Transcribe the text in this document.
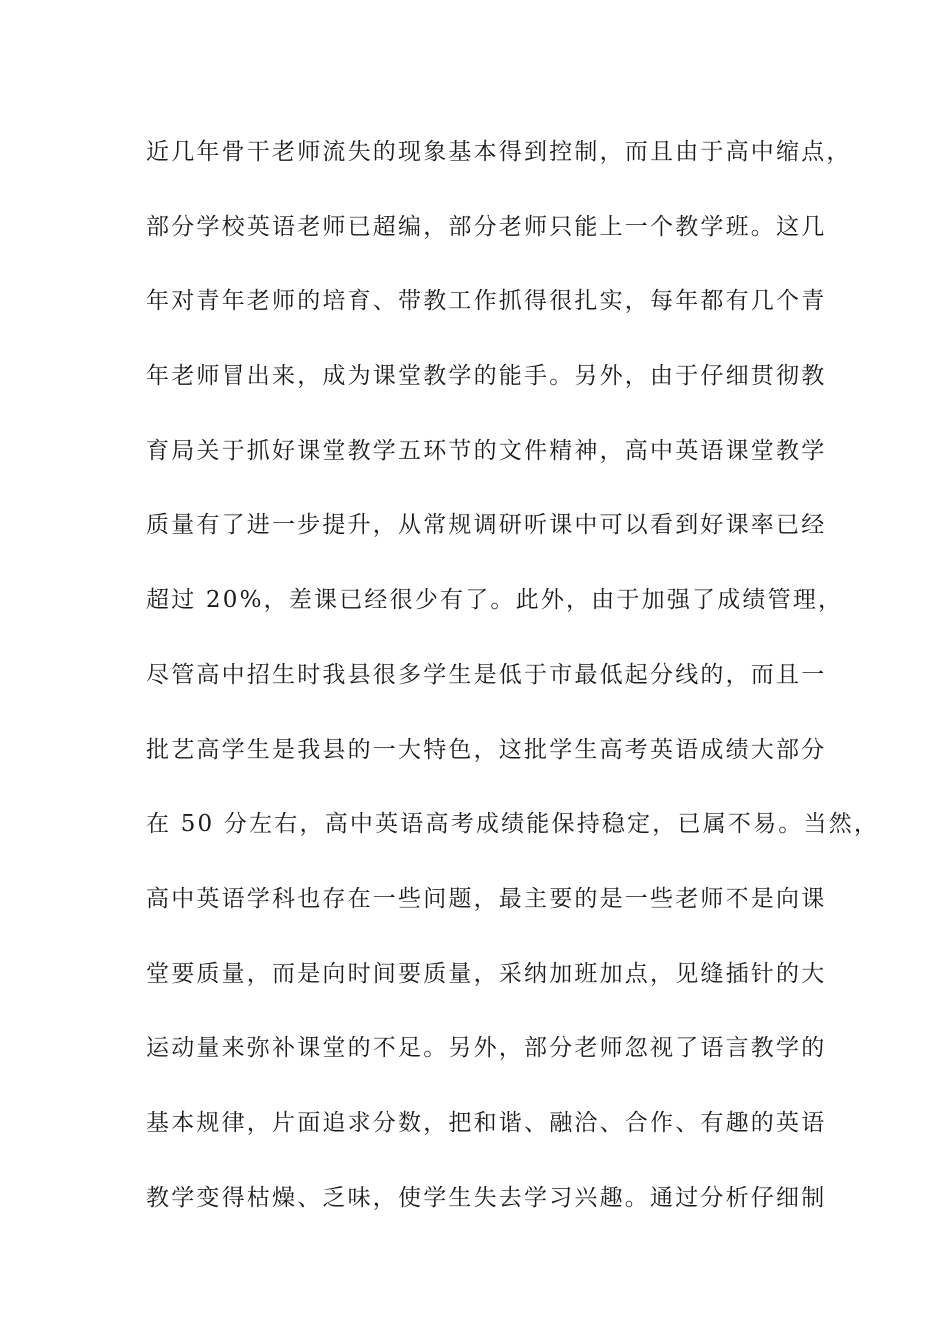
近几年骨干老师流失的现象基本得到控制，而且由于高中缩点，
部分学校英语老师已超编，部分老师只能上一个教学班。这几
年对青年老师的培育、带教工作抓得很扎实，每年都有几个青
年老师冒出来，成为课堂教学的能手。另外，由于仔细贯彻教
育局关于抓好课堂教学五环节的文件精神，高中英语课堂教学
质量有了进一步提升，从常规调研听课中可以看到好课率已经
超过 20%，差课已经很少有了。此外，由于加强了成绩管理，
尽管高中招生时我县很多学生是低于市最低起分线的，而且一
批艺高学生是我县的一大特色，这批学生高考英语成绩大部分
在 50 分左右，高中英语高考成绩能保持稳定，已属不易。当然，
高中英语学科也存在一些问题，最主要的是一些老师不是向课
堂要质量，而是向时间要质量，采纳加班加点，见缝插针的大
运动量来弥补课堂的不足。另外，部分老师忽视了语言教学的
基本规律，片面追求分数，把和谐、融洽、合作、有趣的英语
教学变得枯燥、乏味，使学生失去学习兴趣。通过分析仔细制
